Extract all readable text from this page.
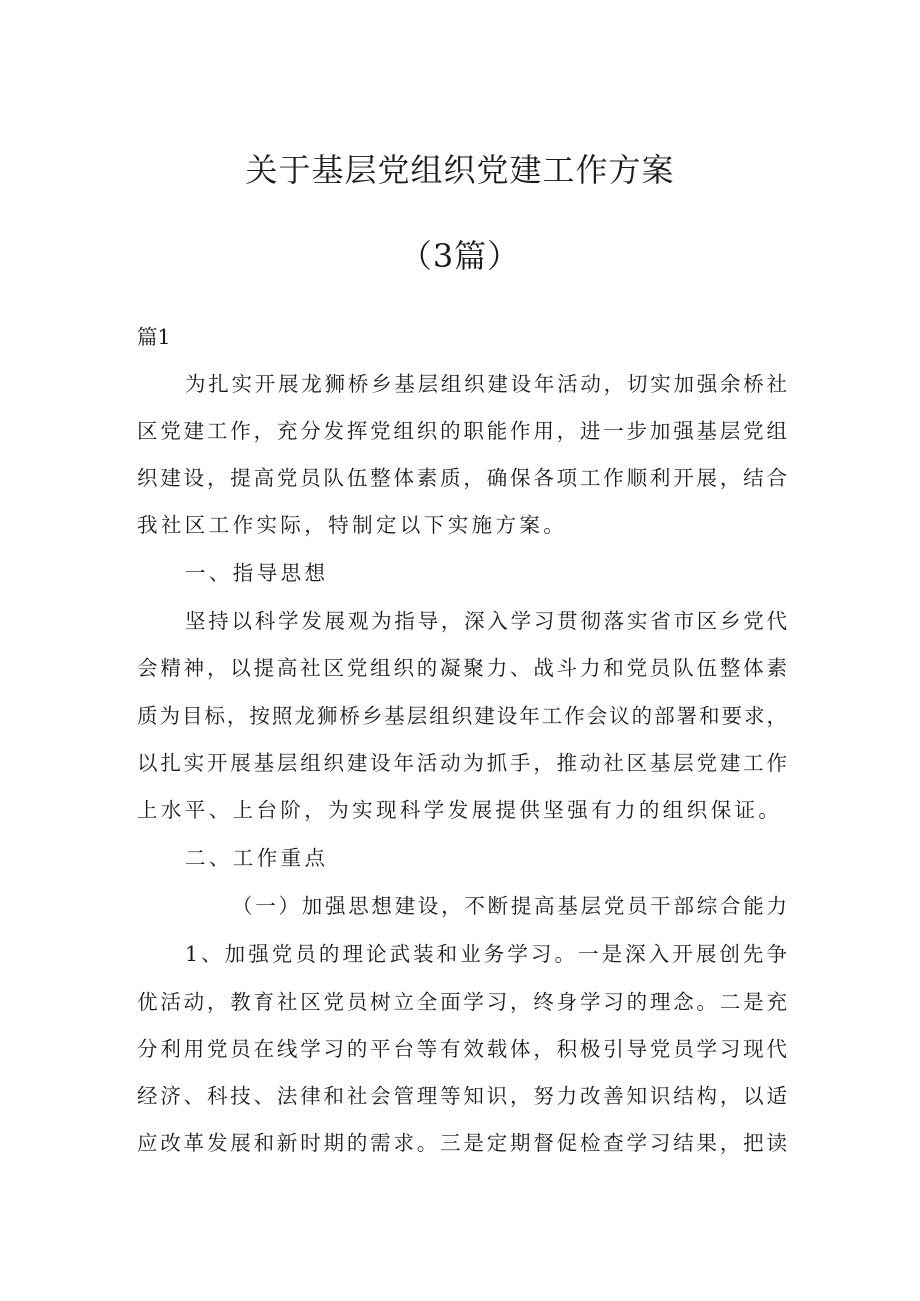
关于基层党组织党建工作方案
（3篇）
篇1
为扎实开展龙狮桥乡基层组织建设年活动，切实加强余桥社
区党建工作，充分发挥党组织的职能作用，进一步加强基层党组
织建设，提高党员队伍整体素质，确保各项工作顺利开展，结合
我社区工作实际，特制定以下实施方案。
一、指导思想
坚持以科学发展观为指导，深入学习贯彻落实省市区乡党代
会精神，以提高社区党组织的凝聚力、战斗力和党员队伍整体素
质为目标，按照龙狮桥乡基层组织建设年工作会议的部署和要求，
以扎实开展基层组织建设年活动为抓手，推动社区基层党建工作
上水平、上台阶，为实现科学发展提供坚强有力的组织保证。
二、工作重点
（一）加强思想建设，不断提高基层党员干部综合能力
1、加强党员的理论武装和业务学习。一是深入开展创先争
优活动，教育社区党员树立全面学习，终身学习的理念。二是充
分利用党员在线学习的平台等有效载体，积极引导党员学习现代
经济、科技、法律和社会管理等知识，努力改善知识结构，以适
应改革发展和新时期的需求。三是定期督促检查学习结果，把读
